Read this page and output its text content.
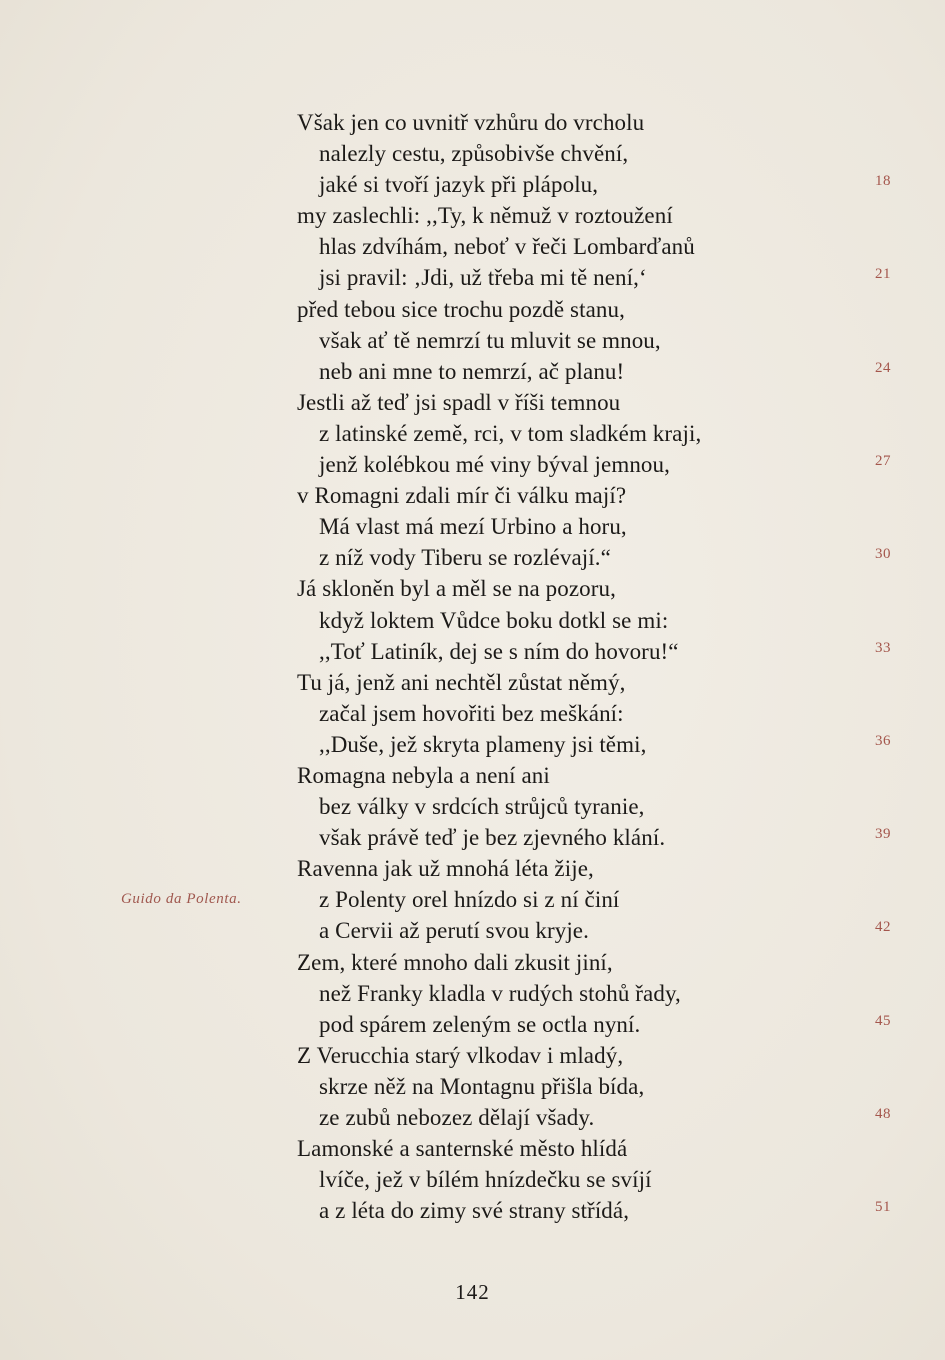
Však jen co uvnitř vzhůru do vrcholu
nalezly cestu, způsobivše chvění,
jaké si tvoří jazyk při plápolu,	18
my zaslechli: ,,Ty, k němuž v roztoužení
hlas zdvíhám, neboť v řeči Lombarďanů
jsi pravil: ‚Jdi, už třeba mi tě není,‘	21
před tebou sice trochu pozdě stanu,
však ať tě nemrzí tu mluvit se mnou,
neb ani mne to nemrzí, ač planu!	24
Jestli až teď jsi spadl v říši temnou
z latinské země, rci, v tom sladkém kraji,
jenž kolébkou mé viny býval jemnou,	27
v Romagni zdali mír či válku mají?
Má vlast má mezí Urbino a horu,
z níž vody Tiberu se rozlévají.“	30
Já skloněn byl a měl se na pozoru,
když loktem Vůdce boku dotkl se mi:
,,Toť Latiník, dej se s ním do hovoru!“	33
Tu já, jenž ani nechtěl zůstat němý,
začal jsem hovořiti bez meškání:
,,Duše, jež skryta plameny jsi těmi,	36
Romagna nebyla a není ani
bez války v srdcích strůjců tyranie,
však právě teď je bez zjevného klání.	39
Ravenna jak už mnohá léta žije,
z Polenty orel hnízdo si z ní činí
a Cervii až perutí svou kryje.	42
Zem, které mnoho dali zkusit jiní,
než Franky kladla v rudých stohů řady,
pod spárem zeleným se octla nyní.	45
Z Verucchia starý vlkodav i mladý,
skrze něž na Montagnu přišla bída,
ze zubů nebozez dělají všady.	48
Lamonské a santernské město hlídá
lvíče, jež v bílém hnízdečku se svíjí
a z léta do zimy své strany střídá,	51
Guido da Polenta.
142
